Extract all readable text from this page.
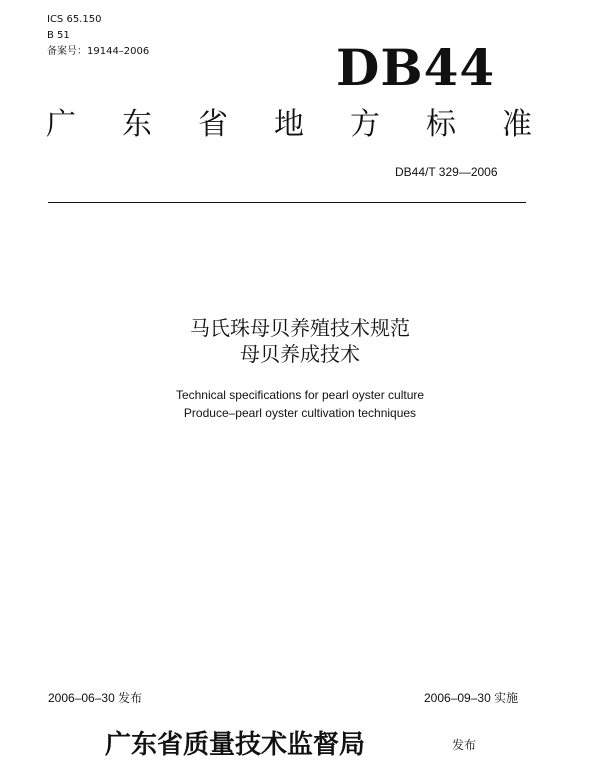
ICS 65.150
B 51
备案号：19144–2006	DB44
广 东 省 地 方 标 准
DB44/T 329—2006
马氏珠母贝养殖技术规范
母贝养成技术
Technical specifications for pearl oyster culture
Produce–pearl oyster cultivation techniques
2006–06–30 发布	2006–09–30 实施
广东省质量技术监督局	发布
